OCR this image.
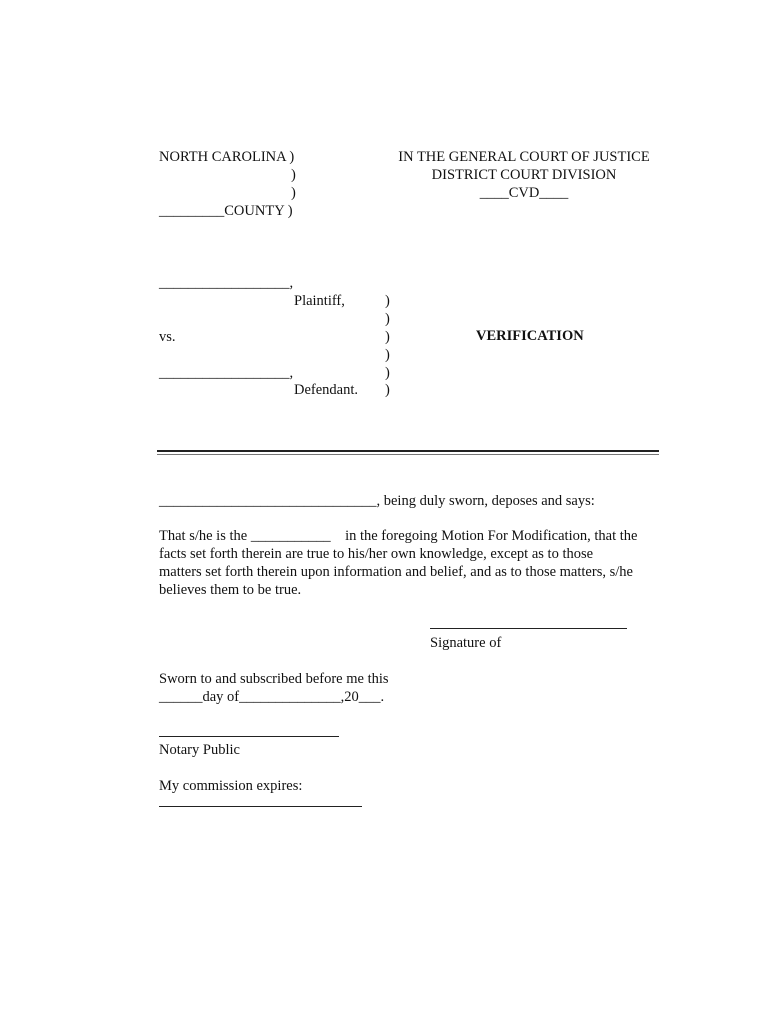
NORTH CAROLINA )
)
)
_________COUNTY )
IN THE GENERAL COURT OF JUSTICE
DISTRICT COURT DIVISION
____CVD____
__________________,
Plaintiff,
vs.
__________________,
Defendant.
)
)
)
)
)
)
VERIFICATION
______________________________, being duly sworn, deposes and says:
That s/he is the ___________    in the foregoing Motion For Modification, that the
facts set forth therein are true to his/her own knowledge, except as to those
matters set forth therein upon information and belief, and as to those matters, s/he
believes them to be true.
Signature of
Sworn to and subscribed before me this
______day of______________,20___.
Notary Public
My commission expires:
